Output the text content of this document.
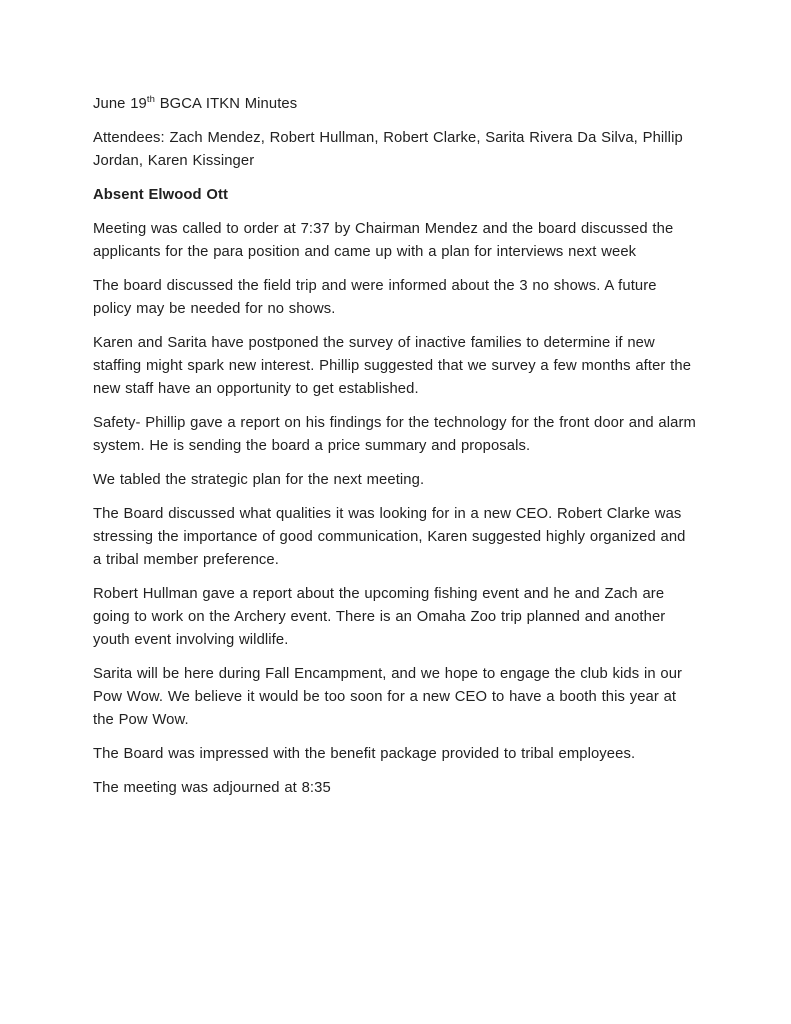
June 19th BGCA ITKN Minutes

Attendees: Zach Mendez, Robert Hullman, Robert Clarke, Sarita Rivera Da Silva, Phillip Jordan, Karen Kissinger

Absent Elwood Ott

Meeting was called to order at 7:37 by Chairman Mendez and the board discussed the applicants for the para position and came up with a plan for interviews next week

The board discussed the field trip and were informed about the 3 no shows. A future policy may be needed for no shows.

Karen and Sarita have postponed the survey of inactive families to determine if new staffing might spark new interest. Phillip suggested that we survey a few months after the new staff have an opportunity to get established.

Safety- Phillip gave a report on his findings for the technology for the front door and alarm system. He is sending the board a price summary and proposals.

We tabled the strategic plan for the next meeting.

The Board discussed what qualities it was looking for in a new CEO. Robert Clarke was stressing the importance of good communication, Karen suggested highly organized and a tribal member preference.

Robert Hullman gave a report about the upcoming fishing event and he and Zach are going to work on the Archery event. There is an Omaha Zoo trip planned and another youth event involving wildlife.

Sarita will be here during Fall Encampment, and we hope to engage the club kids in our Pow Wow. We believe it would be too soon for a new CEO to have a booth this year at the Pow Wow.

The Board was impressed with the benefit package provided to tribal employees.

The meeting was adjourned at 8:35
